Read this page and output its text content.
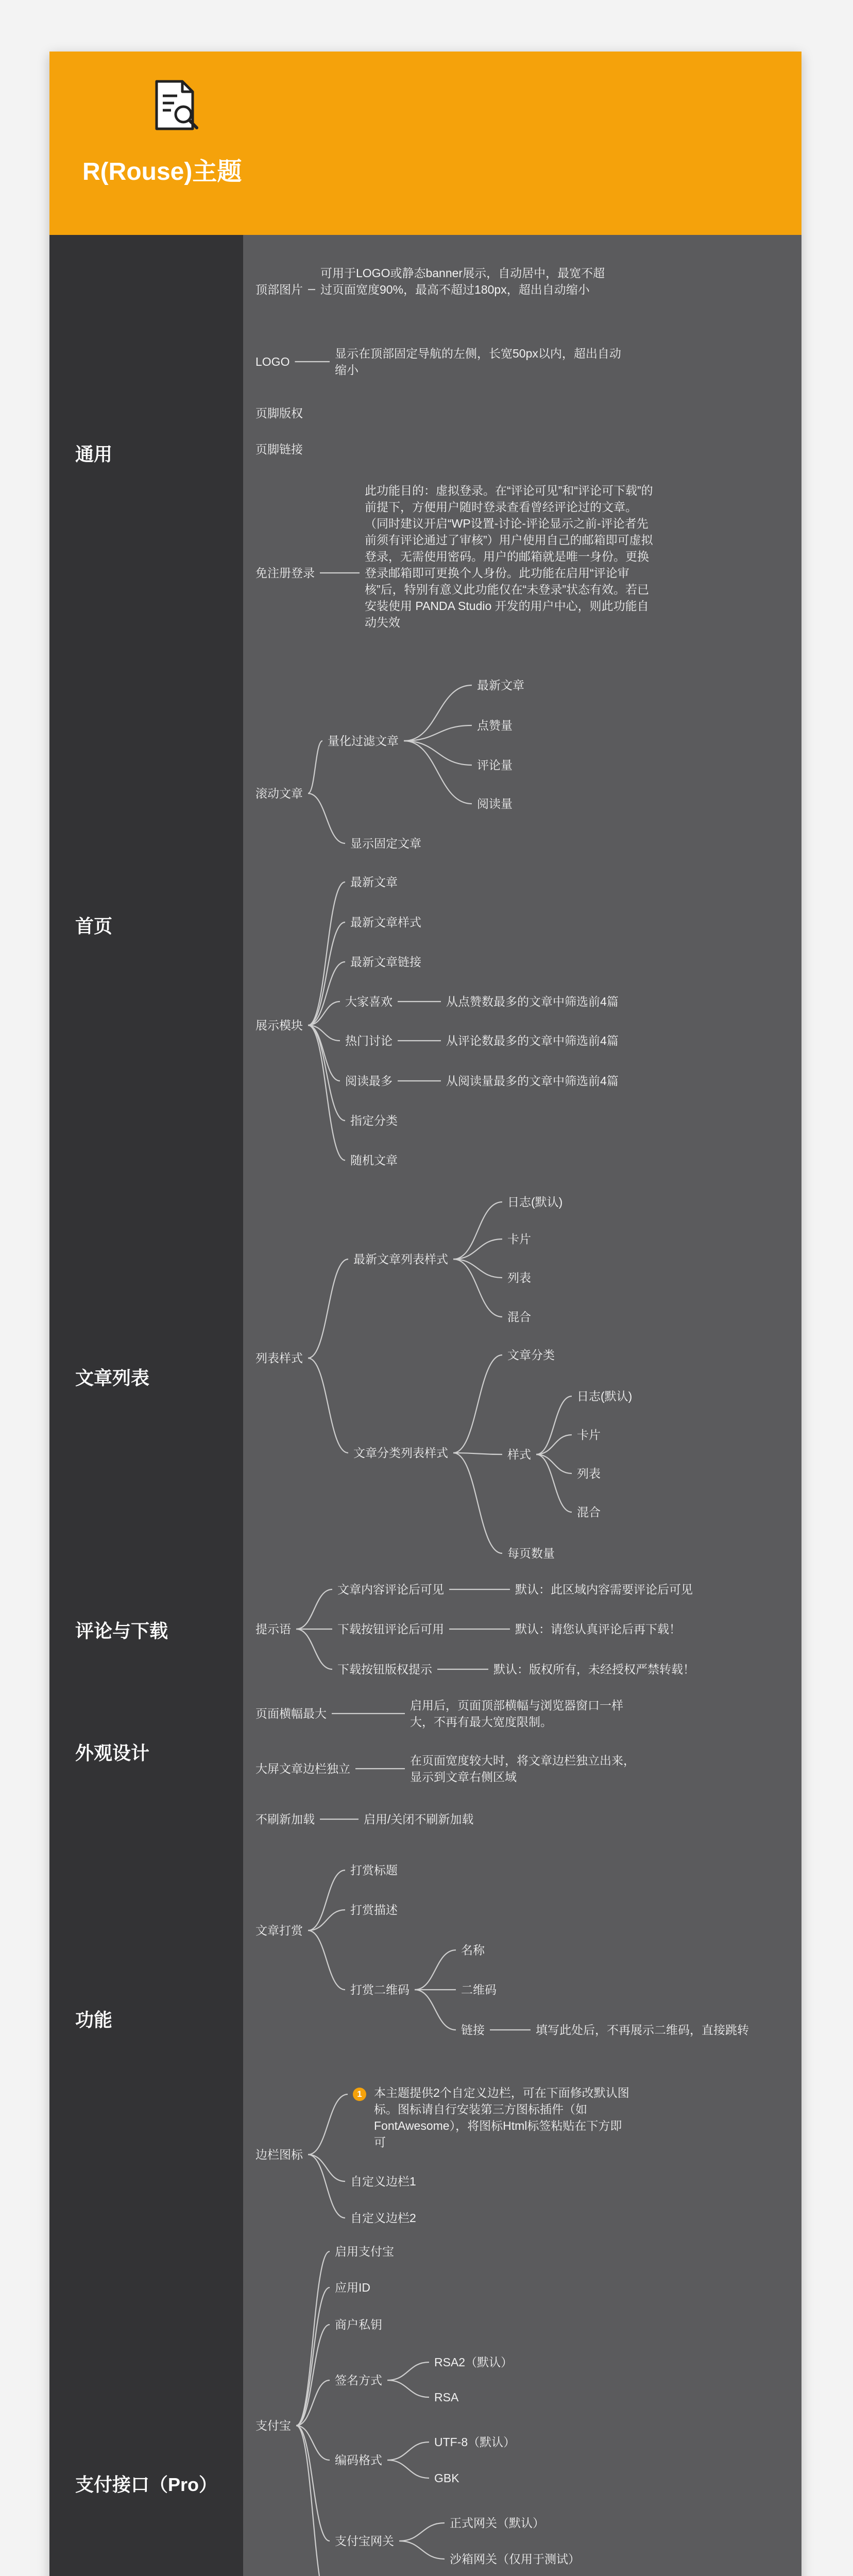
R(Rouse)主题
通用
首页
文章列表
评论与下载
外观设计
功能
支付接口（Pro）
顶部图片
可用于LOGO或静态banner展示，自动居中，最宽不超过页面宽度90%，最高不超过180px，超出自动缩小
LOGO
显示在顶部固定导航的左侧，长宽50px以内，超出自动缩小
页脚版权
页脚链接
免注册登录
此功能目的：虚拟登录。在“评论可见”和“评论可下载”的前提下，方便用户随时登录查看曾经评论过的文章。（同时建议开启“WP设置-讨论-评论显示之前-评论者先前须有评论通过了审核”）用户使用自己的邮箱即可虚拟登录，无需使用密码。用户的邮箱就是唯一身份。更换登录邮箱即可更换个人身份。此功能在启用“评论审核”后，特别有意义此功能仅在“未登录”状态有效。若已安装使用 PANDA Studio 开发的用户中心，则此功能自动失效
滚动文章
量化过滤文章
最新文章
点赞量
评论量
阅读量
显示固定文章
展示模块
最新文章
最新文章样式
最新文章链接
大家喜欢	从点赞数最多的文章中筛选前4篇
热门讨论	从评论数最多的文章中筛选前4篇
阅读最多	从阅读量最多的文章中筛选前4篇
指定分类
随机文章
列表样式
最新文章列表样式
日志(默认)
卡片
列表
混合
文章分类列表样式
文章分类
样式
日志(默认)
卡片
列表
混合
每页数量
提示语
文章内容评论后可见	默认：此区域内容需要评论后可见
下载按钮评论后可用	默认：请您认真评论后再下载！
下载按钮版权提示	默认：版权所有，未经授权严禁转载！
页面横幅最大
启用后，页面顶部横幅与浏览器窗口一样大，不再有最大宽度限制。
大屏文章边栏独立
在页面宽度较大时，将文章边栏独立出来，显示到文章右侧区域
不刷新加载	启用/关闭不刷新加载
文章打赏
打赏标题
打赏描述
打赏二维码
名称
二维码
链接	填写此处后，不再展示二维码，直接跳转
边栏图标
本主题提供2个自定义边栏，可在下面修改默认图标。图标请自行安装第三方图标插件（如FontAwesome），将图标Html标签粘贴在下方即可
自定义边栏1
自定义边栏2
支付宝
启用支付宝
应用ID
商户私钥
签名方式
RSA2（默认）
RSA
编码格式
UTF-8（默认）
GBK
支付宝网关
正式网关（默认）
沙箱网关（仅用于测试）
1
